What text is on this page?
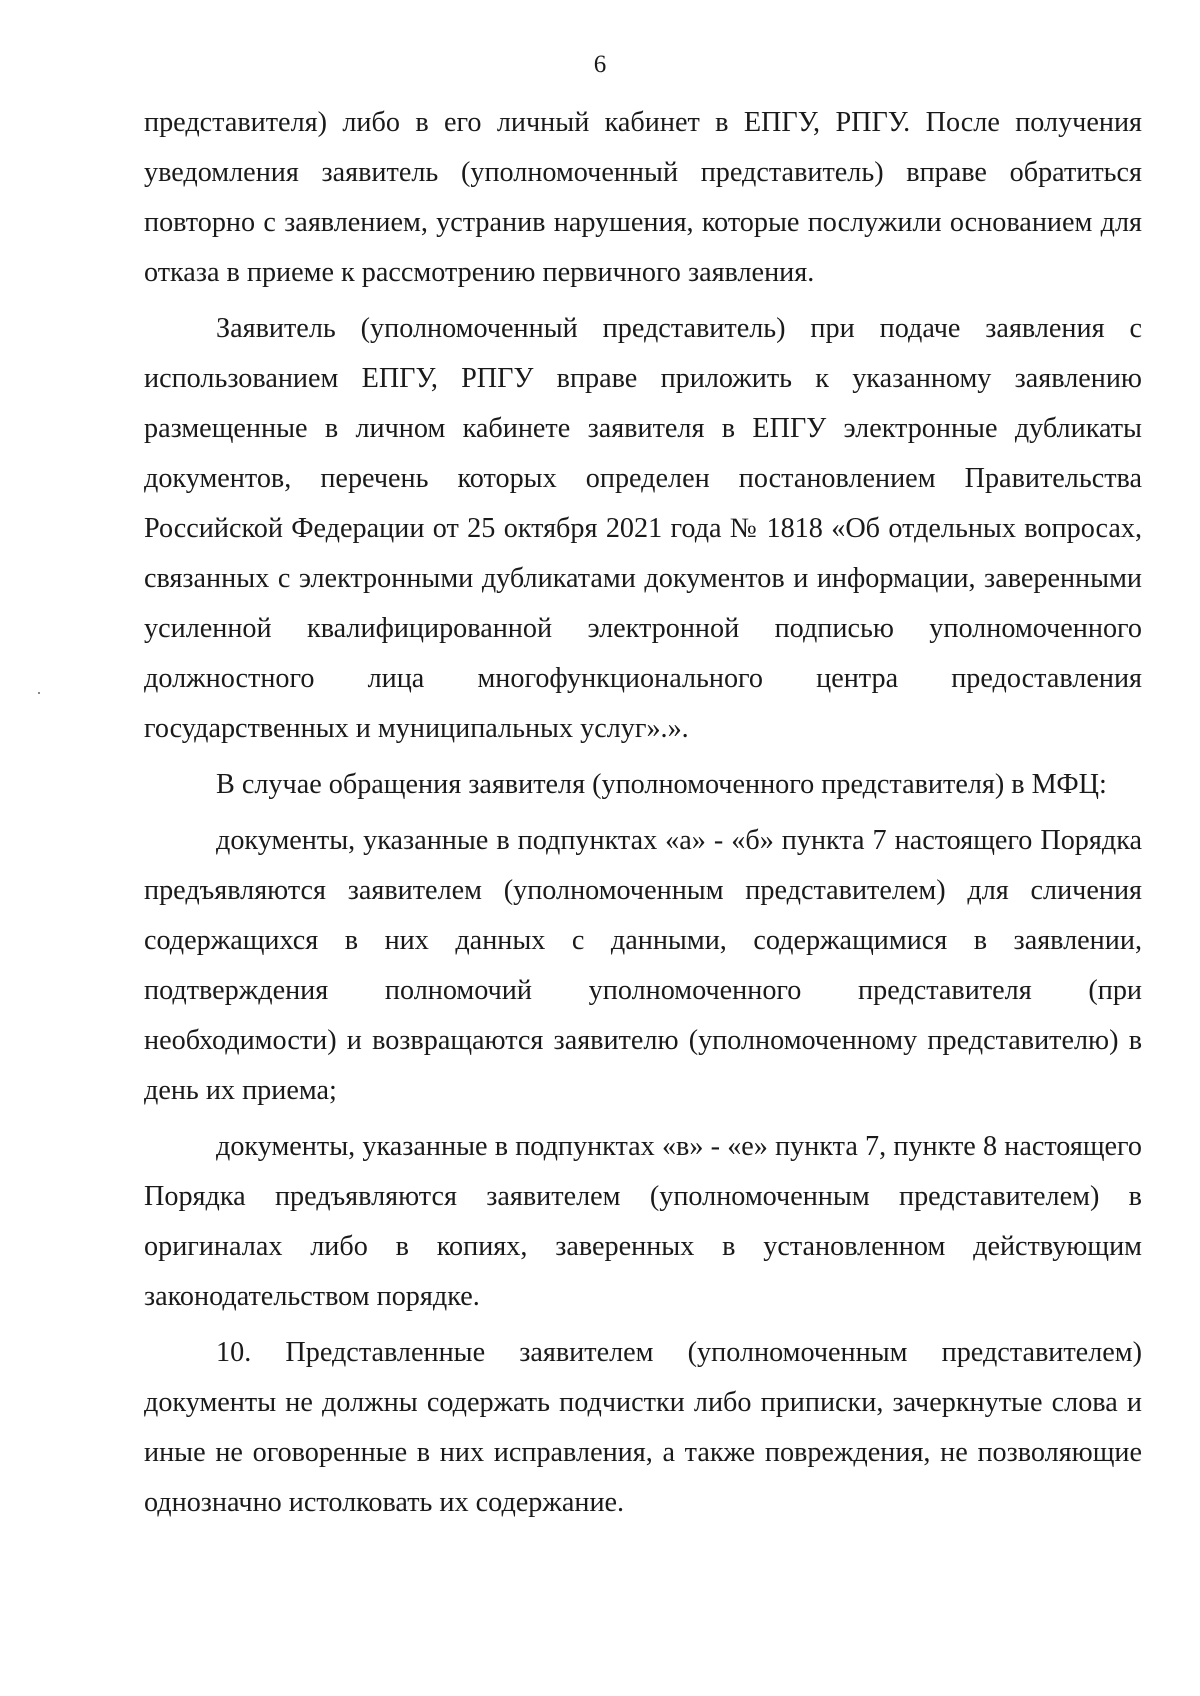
6

представителя) либо в его личный кабинет в ЕПГУ, РПГУ. После получения уведомления заявитель (уполномоченный представитель) вправе обратиться повторно с заявлением, устранив нарушения, которые послужили основанием для отказа в приеме к рассмотрению первичного заявления.

Заявитель (уполномоченный представитель) при подаче заявления с использованием ЕПГУ, РПГУ вправе приложить к указанному заявлению размещенные в личном кабинете заявителя в ЕПГУ электронные дубликаты документов, перечень которых определен постановлением Правительства Российской Федерации от 25 октября 2021 года № 1818 «Об отдельных вопросах, связанных с электронными дубликатами документов и информации, заверенными усиленной квалифицированной электронной подписью уполномоченного должностного лица многофункционального центра предоставления государственных и муниципальных услуг».».

В случае обращения заявителя (уполномоченного представителя) в МФЦ:

документы, указанные в подпунктах «а» - «б» пункта 7 настоящего Порядка предъявляются заявителем (уполномоченным представителем) для сличения содержащихся в них данных с данными, содержащимися в заявлении, подтверждения полномочий уполномоченного представителя (при необходимости) и возвращаются заявителю (уполномоченному представителю) в день их приема;

документы, указанные в подпунктах «в» - «е» пункта 7, пункте 8 настоящего Порядка предъявляются заявителем (уполномоченным представителем) в оригиналах либо в копиях, заверенных в установленном действующим законодательством порядке.

10. Представленные заявителем (уполномоченным представителем) документы не должны содержать подчистки либо приписки, зачеркнутые слова и иные не оговоренные в них исправления, а также повреждения, не позволяющие однозначно истолковать их содержание.
